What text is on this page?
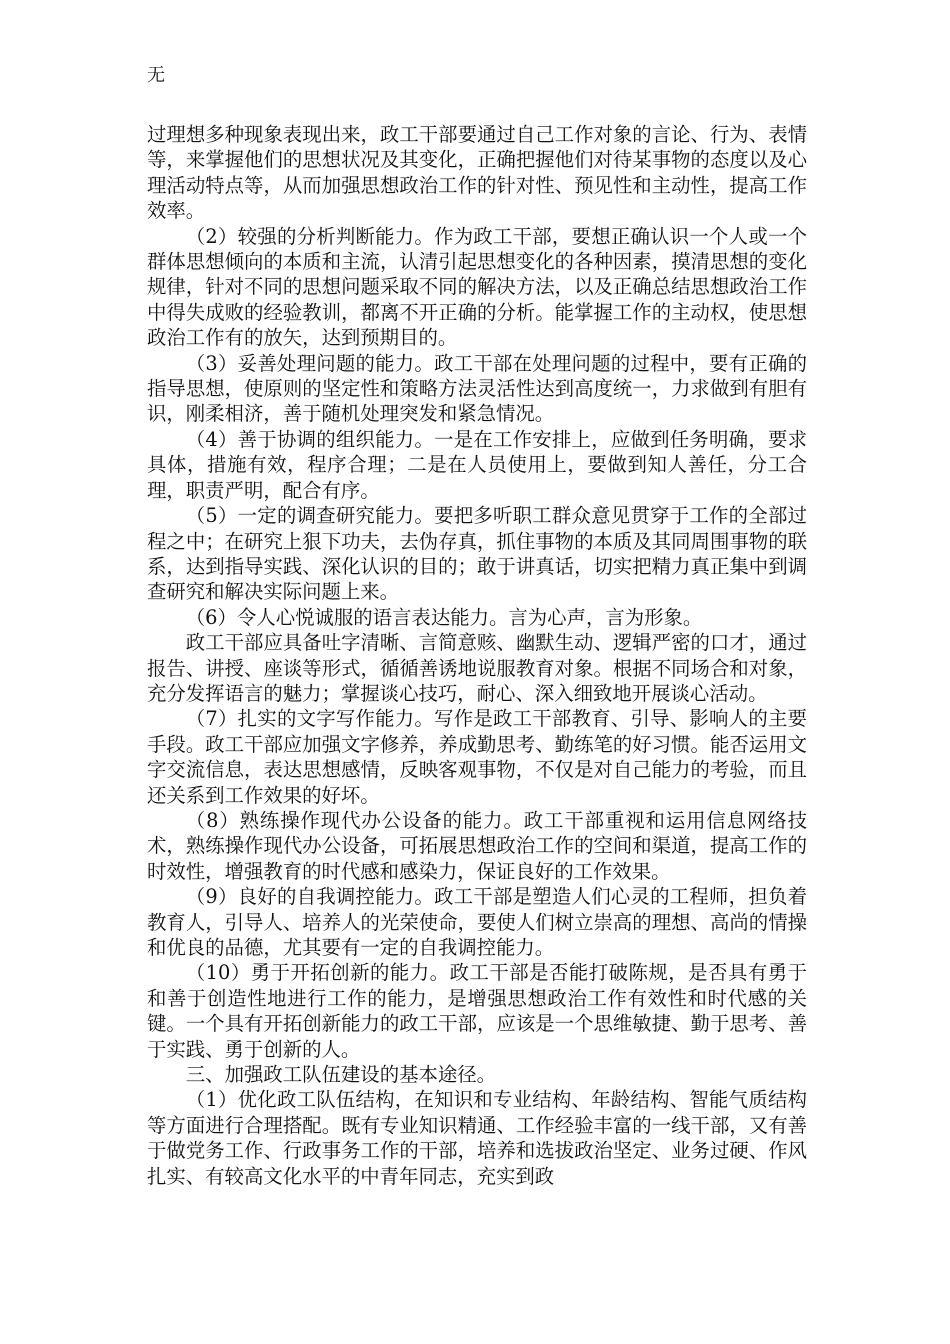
无

过理想多种现象表现出来，政工干部要通过自己工作对象的言论、行为、表情等，来掌握他们的思想状况及其变化，正确把握他们对待某事物的态度以及心理活动特点等，从而加强思想政治工作的针对性、预见性和主动性，提高工作效率。

（2）较强的分析判断能力。作为政工干部，要想正确认识一个人或一个群体思想倾向的本质和主流，认清引起思想变化的各种因素，摸清思想的变化规律，针对不同的思想问题采取不同的解决方法，以及正确总结思想政治工作中得失成败的经验教训，都离不开正确的分析。能掌握工作的主动权，使思想政治工作有的放矢，达到预期目的。

（3）妥善处理问题的能力。政工干部在处理问题的过程中，要有正确的指导思想，使原则的坚定性和策略方法灵活性达到高度统一，力求做到有胆有识，刚柔相济，善于随机处理突发和紧急情况。

（4）善于协调的组织能力。一是在工作安排上，应做到任务明确，要求具体，措施有效，程序合理；二是在人员使用上，要做到知人善任，分工合理，职责严明，配合有序。

（5）一定的调查研究能力。要把多听职工群众意见贯穿于工作的全部过程之中；在研究上狠下功夫，去伪存真，抓住事物的本质及其同周围事物的联系，达到指导实践、深化认识的目的；敢于讲真话，切实把精力真正集中到调查研究和解决实际问题上来。

（6）令人心悦诚服的语言表达能力。言为心声，言为形象。

政工干部应具备吐字清晰、言简意赅、幽默生动、逻辑严密的口才，通过报告、讲授、座谈等形式，循循善诱地说服教育对象。根据不同场合和对象，充分发挥语言的魅力；掌握谈心技巧，耐心、深入细致地开展谈心活动。

（7）扎实的文字写作能力。写作是政工干部教育、引导、影响人的主要手段。政工干部应加强文字修养，养成勤思考、勤练笔的好习惯。能否运用文字交流信息，表达思想感情，反映客观事物，不仅是对自己能力的考验，而且还关系到工作效果的好坏。

（8）熟练操作现代办公设备的能力。政工干部重视和运用信息网络技术，熟练操作现代办公设备，可拓展思想政治工作的空间和渠道，提高工作的时效性，增强教育的时代感和感染力，保证良好的工作效果。

（9）良好的自我调控能力。政工干部是塑造人们心灵的工程师，担负着教育人，引导人、培养人的光荣使命，要使人们树立崇高的理想、高尚的情操和优良的品德，尤其要有一定的自我调控能力。

（10）勇于开拓创新的能力。政工干部是否能打破陈规，是否具有勇于和善于创造性地进行工作的能力，是增强思想政治工作有效性和时代感的关键。一个具有开拓创新能力的政工干部，应该是一个思维敏捷、勤于思考、善于实践、勇于创新的人。

三、加强政工队伍建设的基本途径。

（1）优化政工队伍结构，在知识和专业结构、年龄结构、智能气质结构等方面进行合理搭配。既有专业知识精通、工作经验丰富的一线干部，又有善于做党务工作、行政事务工作的干部，培养和选拔政治坚定、业务过硬、作风扎实、有较高文化水平的中青年同志，充实到政
